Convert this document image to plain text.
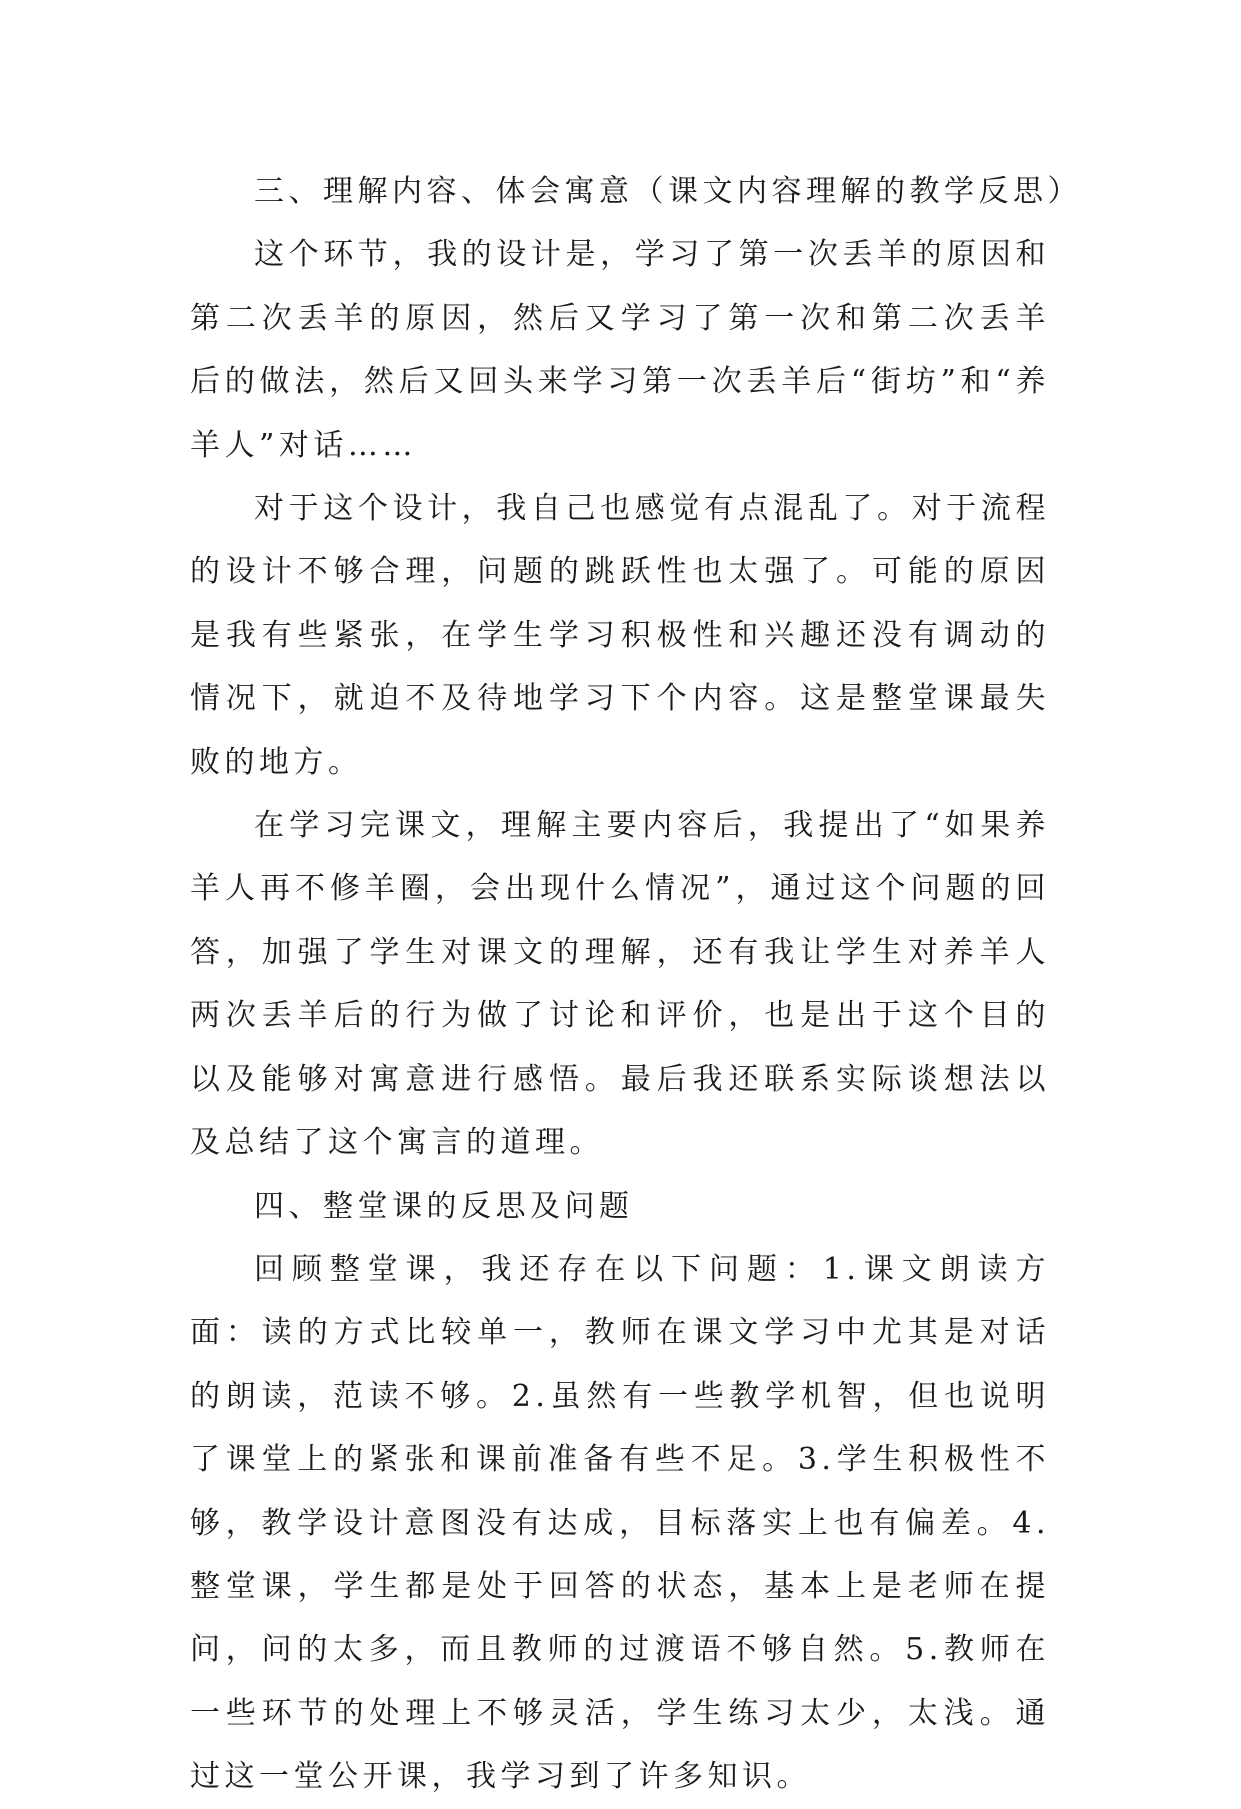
三、理解内容、体会寓意（课文内容理解的教学反思）

这个环节，我的设计是，学习了第一次丢羊的原因和第二次丢羊的原因，然后又学习了第一次和第二次丢羊后的做法，然后又回头来学习第一次丢羊后“街坊”和“养羊人”对话……

对于这个设计，我自己也感觉有点混乱了。对于流程的设计不够合理，问题的跳跃性也太强了。可能的原因是我有些紧张，在学生学习积极性和兴趣还没有调动的情况下，就迫不及待地学习下个内容。这是整堂课最失败的地方。

在学习完课文，理解主要内容后，我提出了“如果养羊人再不修羊圈，会出现什么情况”，通过这个问题的回答，加强了学生对课文的理解，还有我让学生对养羊人两次丢羊后的行为做了讨论和评价，也是出于这个目的以及能够对寓意进行感悟。最后我还联系实际谈想法以及总结了这个寓言的道理。

四、整堂课的反思及问题

回顾整堂课，我还存在以下问题：1.课文朗读方面：读的方式比较单一，教师在课文学习中尤其是对话的朗读，范读不够。2.虽然有一些教学机智，但也说明了课堂上的紧张和课前准备有些不足。3.学生积极性不够，教学设计意图没有达成，目标落实上也有偏差。4.整堂课，学生都是处于回答的状态，基本上是老师在提问，问的太多，而且教师的过渡语不够自然。5.教师在一些环节的处理上不够灵活，学生练习太少，太浅。通过这一堂公开课，我学习到了许多知识。
